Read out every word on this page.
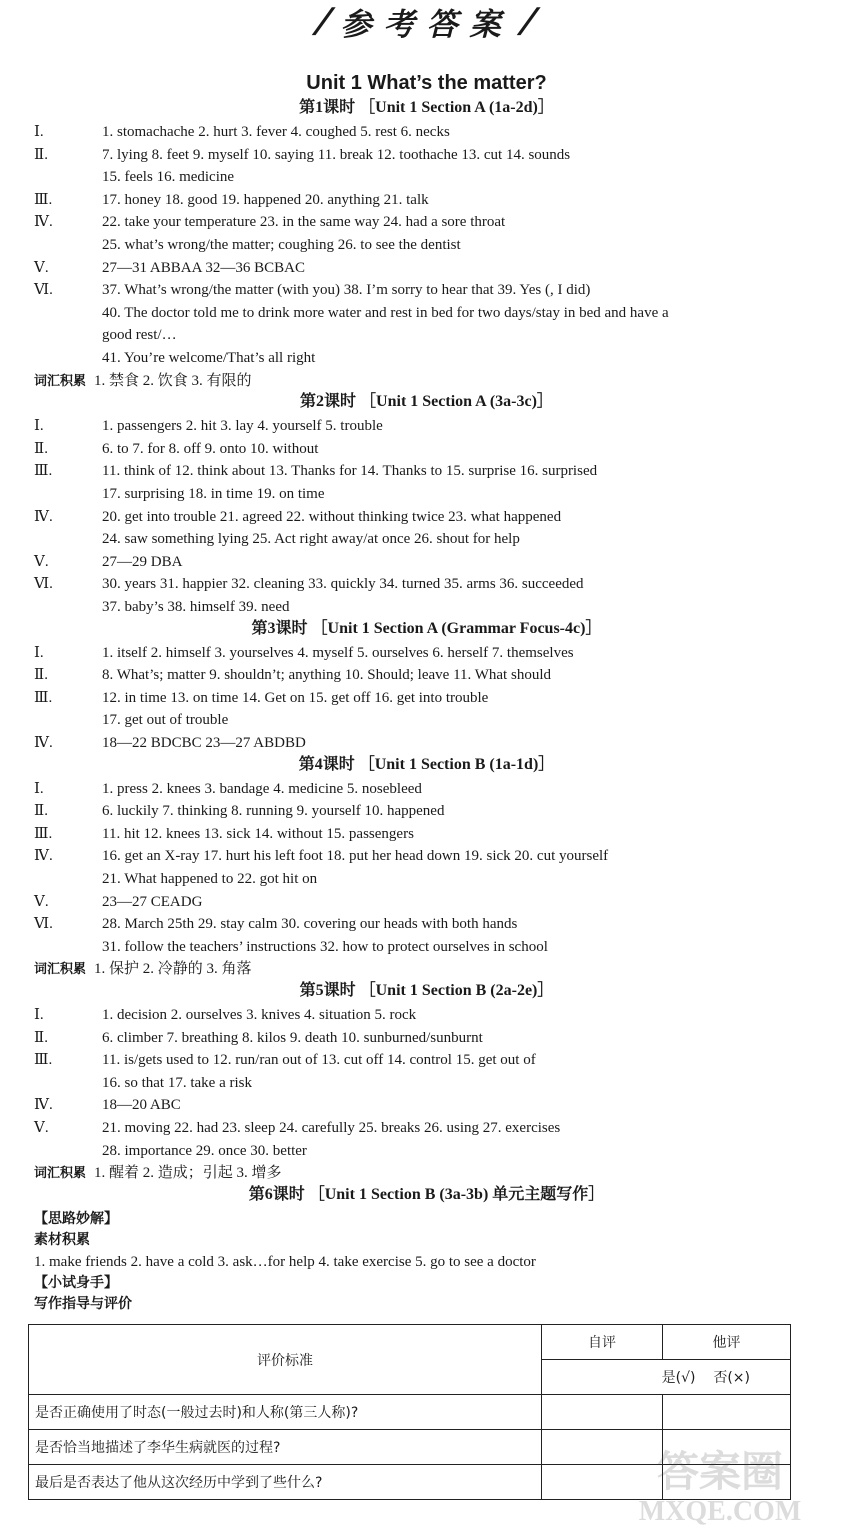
/ 参考答案 /
Unit 1 What’s the matter?
第1课时 ［Unit 1 Section A (1a-2d)］
Ⅰ.	1. stomachache 2. hurt 3. fever 4. coughed 5. rest 6. necks
Ⅱ.	7. lying 8. feet 9. myself 10. saying 11. break 12. toothache 13. cut 14. sounds
15. feels 16. medicine
Ⅲ.	17. honey 18. good 19. happened 20. anything 21. talk
Ⅳ.	22. take your temperature 23. in the same way 24. had a sore throat
25. what’s wrong/the matter; coughing 26. to see the dentist
Ⅴ.	27—31 ABBAA 32—36 BCBAC
Ⅵ.	37. What’s wrong/the matter (with you) 38. I’m sorry to hear that 39. Yes (, I did)
40. The doctor told me to drink more water and rest in bed for two days/stay in bed and have a
good rest/…
41. You’re welcome/That’s all right
词汇积累 1. 禁食 2. 饮食 3. 有限的
第2课时 ［Unit 1 Section A (3a-3c)］
Ⅰ.	1. passengers 2. hit 3. lay 4. yourself 5. trouble
Ⅱ.	6. to 7. for 8. off 9. onto 10. without
Ⅲ.	11. think of 12. think about 13. Thanks for 14. Thanks to 15. surprise 16. surprised
17. surprising 18. in time 19. on time
Ⅳ.	20. get into trouble 21. agreed 22. without thinking twice 23. what happened
24. saw something lying 25. Act right away/at once 26. shout for help
Ⅴ.	27—29 DBA
Ⅵ.	30. years 31. happier 32. cleaning 33. quickly 34. turned 35. arms 36. succeeded
37. baby’s 38. himself 39. need
第3课时 ［Unit 1 Section A (Grammar Focus-4c)］
Ⅰ.	1. itself 2. himself 3. yourselves 4. myself 5. ourselves 6. herself 7. themselves
Ⅱ.	8. What’s; matter 9. shouldn’t; anything 10. Should; leave 11. What should
Ⅲ.	12. in time 13. on time 14. Get on 15. get off 16. get into trouble
17. get out of trouble
Ⅳ.	18—22 BDCBC 23—27 ABDBD
第4课时 ［Unit 1 Section B (1a-1d)］
Ⅰ.	1. press 2. knees 3. bandage 4. medicine 5. nosebleed
Ⅱ.	6. luckily 7. thinking 8. running 9. yourself 10. happened
Ⅲ.	11. hit 12. knees 13. sick 14. without 15. passengers
Ⅳ.	16. get an X-ray 17. hurt his left foot 18. put her head down 19. sick 20. cut yourself
21. What happened to 22. got hit on
Ⅴ.	23—27 CEADG
Ⅵ.	28. March 25th 29. stay calm 30. covering our heads with both hands
31. follow the teachers’ instructions 32. how to protect ourselves in school
词汇积累 1. 保护 2. 冷静的 3. 角落
第5课时 ［Unit 1 Section B (2a-2e)］
Ⅰ.	1. decision 2. ourselves 3. knives 4. situation 5. rock
Ⅱ.	6. climber 7. breathing 8. kilos 9. death 10. sunburned/sunburnt
Ⅲ.	11. is/gets used to 12. run/ran out of 13. cut off 14. control 15. get out of
16. so that 17. take a risk
Ⅳ.	18—20 ABC
Ⅴ.	21. moving 22. had 23. sleep 24. carefully 25. breaks 26. using 27. exercises
28. importance 29. once 30. better
词汇积累 1. 醒着 2. 造成；引起 3. 增多
第6课时 ［Unit 1 Section B (3a-3b) 单元主题写作］
【思路妙解】
素材积累
1. make friends 2. have a cold 3. ask…for help 4. take exercise 5. go to see a doctor
【小试身手】
写作指导与评价
评价标准	自评	他评
	是(√) 否(×)	
是否正确使用了时态(一般过去时)和人称(第三人称)?		
是否恰当地描述了李华生病就医的过程?		
最后是否表达了他从这次经历中学到了些什么?			答案圈
MXQE.COM
